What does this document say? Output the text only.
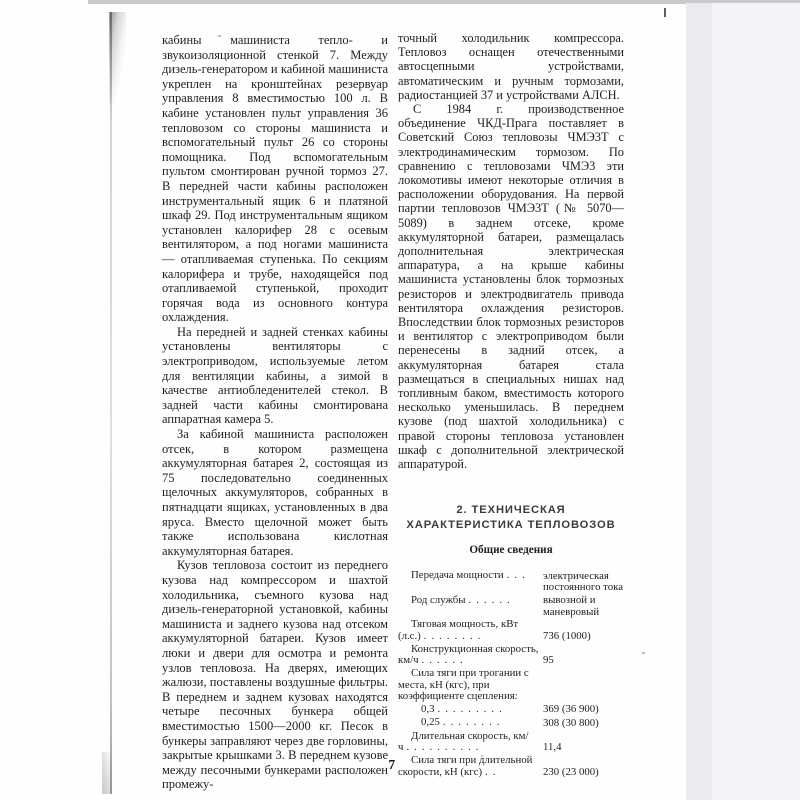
кабины машиниста тепло- и звукоизоляционной стенкой 7. Между дизель-генератором и кабиной машиниста укреплен на кронштейнах резервуар управления 8 вместимостью 100 л. В кабине установлен пульт управления 36 тепловозом со стороны машиниста и вспомогательный пульт 26 со стороны помощника. Под вспомогательным пультом смонтирован ручной тормоз 27. В передней части кабины расположен инструментальный ящик 6 и платяной шкаф 29. Под инструментальным ящиком установлен калорифер 28 с осевым вентилятором, а под ногами машиниста — отапливаемая ступенька. По секциям калорифера и трубе, находящейся под отапливаемой ступенькой, проходит горячая вода из основного контура охлаждения.

На передней и задней стенках кабины установлены вентиляторы с электроприводом, используемые летом для вентиляции кабины, а зимой в качестве антиобледенителей стекол. В задней части кабины смонтирована аппаратная камера 5.

За кабиной машиниста расположен отсек, в котором размещена аккумуляторная батарея 2, состоящая из 75 последовательно соединенных щелочных аккумуляторов, собранных в пятнадцати ящиках, установленных в два яруса. Вместо щелочной может быть также использована кислотная аккумуляторная батарея.

Кузов тепловоза состоит из переднего кузова над компрессором и шахтой холодильника, съемного кузова над дизель-генераторной установкой, кабины машиниста и заднего кузова над отсеком аккумуляторной батареи. Кузов имеет люки и двери для осмотра и ремонта узлов тепловоза. На дверях, имеющих жалюзи, поставлены воздушные фильтры. В переднем и заднем кузовах находятся четыре песочных бункера общей вместимостью 1500—2000 кг. Песок в бункеры заправляют через две горловины, закрытые крышками 3. В переднем кузове между песочными бункерами расположен промежу-

точный холодильник компрессора. Тепловоз оснащен отечественными автосцепными устройствами, автоматическим и ручным тормозами, радиостанцией 37 и устройствами АЛСН.

С 1984 г. производственное объединение ЧКД-Прага поставляет в Советский Союз тепловозы ЧМЭ3Т с электродинамическим тормозом. По сравнению с тепловозами ЧМЭ3 эти локомотивы имеют некоторые отличия в расположении оборудования. На первой партии тепловозов ЧМЭ3Т (№ 5070—5089) в заднем отсеке, кроме аккумуляторной батареи, размещалась дополнительная электрическая аппаратура, а на крыше кабины машиниста установлены блок тормозных резисторов и электродвигатель привода вентилятора охлаждения резисторов. Впоследствии блок тормозных резисторов и вентилятор с электроприводом были перенесены в задний отсек, а аккумуляторная батарея стала размещаться в специальных нишах над топливным баком, вместимость которого несколько уменьшилась. В переднем кузове (под шахтой холодильника) с правой стороны тепловоза установлен шкаф с дополнительной электрической аппаратурой.

2. ТЕХНИЧЕСКАЯ
ХАРАКТЕРИСТИКА ТЕПЛОВОЗОВ
Общие сведения
Передача мощности ...	электрическая постоянного тока
Род службы ......	вывозной и маневровый
Тяговая мощность, кВт (л.с.) ........	736 (1000)
Конструкционная скорость, км/ч ......	95
Сила тяги при трогании с места, кН (кгс), при коэффициенте сцепления:
0,3 .........	369 (36 900)
0,25 ........	308 (30 800)
Длительная скорость, км/ч ..........	11,4
Сила тяги при длительной скорости, кН (кгс) ..	230 (23 000)
7
